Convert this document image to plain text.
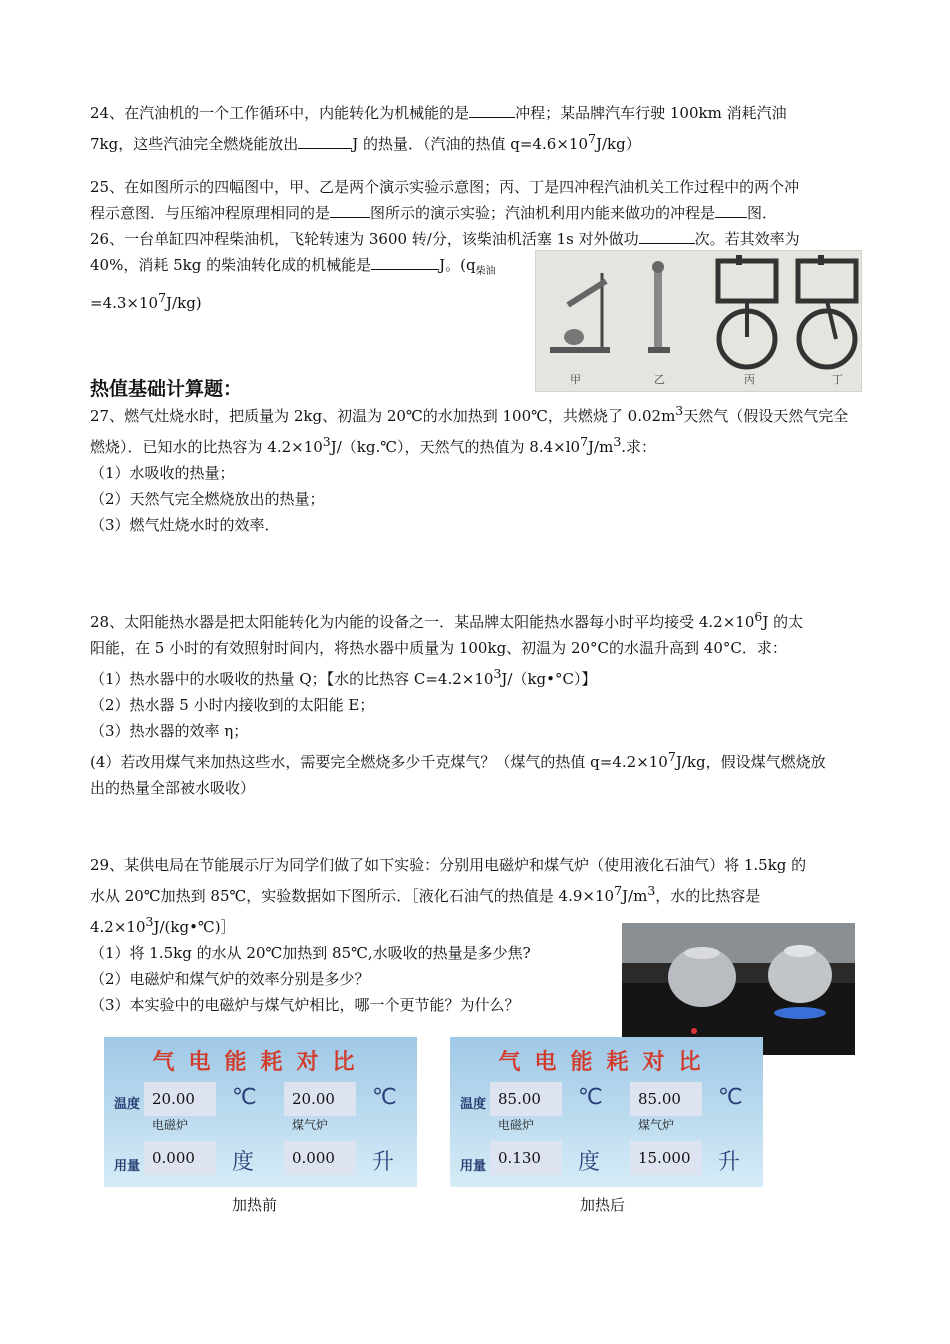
24、在汽油机的一个工作循环中，内能转化为机械能的是	冲程；某品牌汽车行驶 100km 消耗汽油
7kg，这些汽油完全燃烧能放出	J 的热量．（汽油的热值 $q=4.6\times 10^7J/kg$）

25、在如图所示的四幅图中，甲、乙是两个演示实验示意图；丙、丁是四冲程汽油机关工作过程中的两个冲
程示意图．与压缩冲程原理相同的是	图所示的演示实验；汽油机利用内能来做功的冲程是 图．

26、一台单缸四冲程柴油机，飞轮转速为 3600 转/分，该柴油机活塞 1s 对外做功	次。若其效率为
40%，消耗 5kg 的柴油转化成的机械能是	J。($q_{柴油}$
$=4.3\times 10^7J/kg$)

甲	乙	丙	丁
热值基础计算题：

27、燃气灶烧水时，把质量为 2kg、初温为 20℃的水加热到 100℃，共燃烧了 $0.02m^3$天然气（假设天然气完全
燃烧）．已知水的比热容为 $4.2\times 10^3J/(kg.℃)$，天然气的热值为 $8.4\times l0^7J/m^3$.求：
（1）水吸收的热量；
（2）天然气完全燃烧放出的热量；
（3）燃气灶烧水时的效率．

28、太阳能热水器是把太阳能转化为内能的设备之一．某品牌太阳能热水器每小时平均接受 $4.2\times 10^6J$ 的太
阳能，在 5 小时的有效照射时间内，将热水器中质量为 100kg、初温为 20°C的水温升高到 40°C．求：
（1）热水器中的水吸收的热量 Q；【水的比热容 $C=4.2\times 10^3J/(kg•^\circ C)$】
（2）热水器 5 小时内接收到的太阳能 E；
（3）热水器的效率 η；
(4）若改用煤气来加热这些水，需要完全燃烧多少千克煤气？（煤气的热值 $q=4.2\times 10^7J/kg$，假设煤气燃烧放
出的热量全部被水吸收）

29、某供电局在节能展示厅为同学们做了如下实验：分别用电磁炉和煤气炉（使用液化石油气）将 1.5kg 的
水从 20℃加热到 85℃，实验数据如下图所示．［液化石油气的热值是 $4.9\times 10^7J/m^3$，水的比热容是
$4.2\times 10^3J/(kg•℃)]$
（1）将 1.5kg 的水从 20℃加热到 85℃,水吸收的热量是多少焦?
（2）电磁炉和煤气炉的效率分别是多少？
（3）本实验中的电磁炉与煤气炉相比，哪一个更节能？为什么？

气电能耗对比
温度 20.00	℃	20.00	℃
电磁炉	煤气炉
用量 0.000	度	0.000	升
加热前
气电能耗对比
温度 85.00	℃	85.00	℃
电磁炉	煤气炉
用量 0.130	度	15.000	升
加热后
